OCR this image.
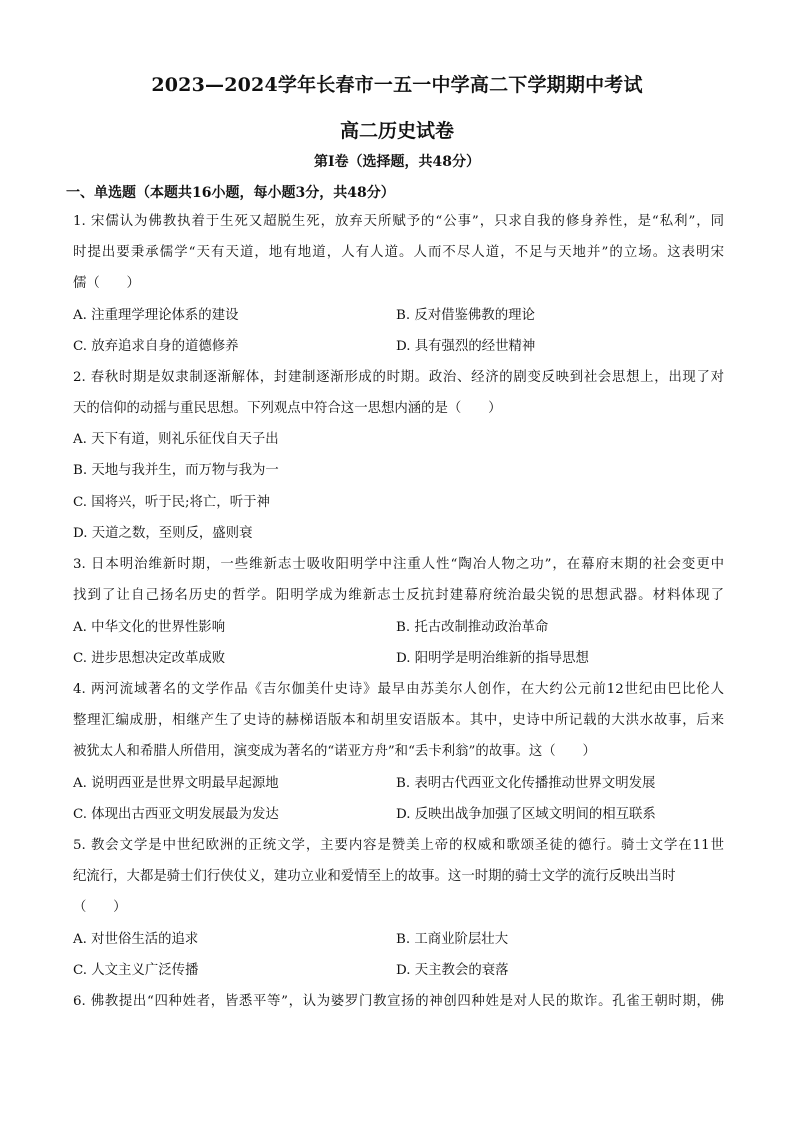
2023—2024学年长春市一五一中学高二下学期期中考试
高二历史试卷
第Ⅰ卷（选择题，共48分）
一、单选题（本题共16小题，每小题3分，共48分）
1. 宋儒认为佛教执着于生死又超脱生死，放弃天所赋予的“公事”，只求自我的修身养性，是“私利”，同
时提出要秉承儒学“天有天道，地有地道，人有人道。人而不尽人道，不足与天地并”的立场。这表明宋
儒（　　）
A. 注重理学理论体系的建设	B. 反对借鉴佛教的理论
C. 放弃追求自身的道德修养	D. 具有强烈的经世精神
2. 春秋时期是奴隶制逐渐解体，封建制逐渐形成的时期。政治、经济的剧变反映到社会思想上，出现了对
天的信仰的动摇与重民思想。下列观点中符合这一思想内涵的是（　　）
A. 天下有道，则礼乐征伐自天子出
B. 天地与我并生，而万物与我为一
C. 国将兴，听于民;将亡，听于神
D. 天道之数，至则反，盛则衰
3. 日本明治维新时期，一些维新志士吸收阳明学中注重人性“陶冶人物之功”，在幕府末期的社会变更中
找到了让自己扬名历史的哲学。阳明学成为维新志士反抗封建幕府统治最尖锐的思想武器。材料体现了
A. 中华文化的世界性影响	B. 托古改制推动政治革命
C. 进步思想决定改革成败	D. 阳明学是明治维新的指导思想
4. 两河流域著名的文学作品《吉尔伽美什史诗》最早由苏美尔人创作，在大约公元前12世纪由巴比伦人
整理汇编成册，相继产生了史诗的赫梯语版本和胡里安语版本。其中，史诗中所记载的大洪水故事，后来
被犹太人和希腊人所借用，演变成为著名的“诺亚方舟”和“丢卡利翁”的故事。这（　　）
A. 说明西亚是世界文明最早起源地	B. 表明古代西亚文化传播推动世界文明发展
C. 体现出古西亚文明发展最为发达	D. 反映出战争加强了区域文明间的相互联系
5. 教会文学是中世纪欧洲的正统文学，主要内容是赞美上帝的权威和歌颂圣徒的德行。骑士文学在11世
纪流行，大都是骑士们行侠仗义，建功立业和爱情至上的故事。这一时期的骑士文学的流行反映出当时
（　　）
A. 对世俗生活的追求	B. 工商业阶层壮大
C. 人文主义广泛传播	D. 天主教会的衰落
6. 佛教提出“四种姓者，皆悉平等”，认为婆罗门教宣扬的神创四种姓是对人民的欺诈。孔雀王朝时期，佛
